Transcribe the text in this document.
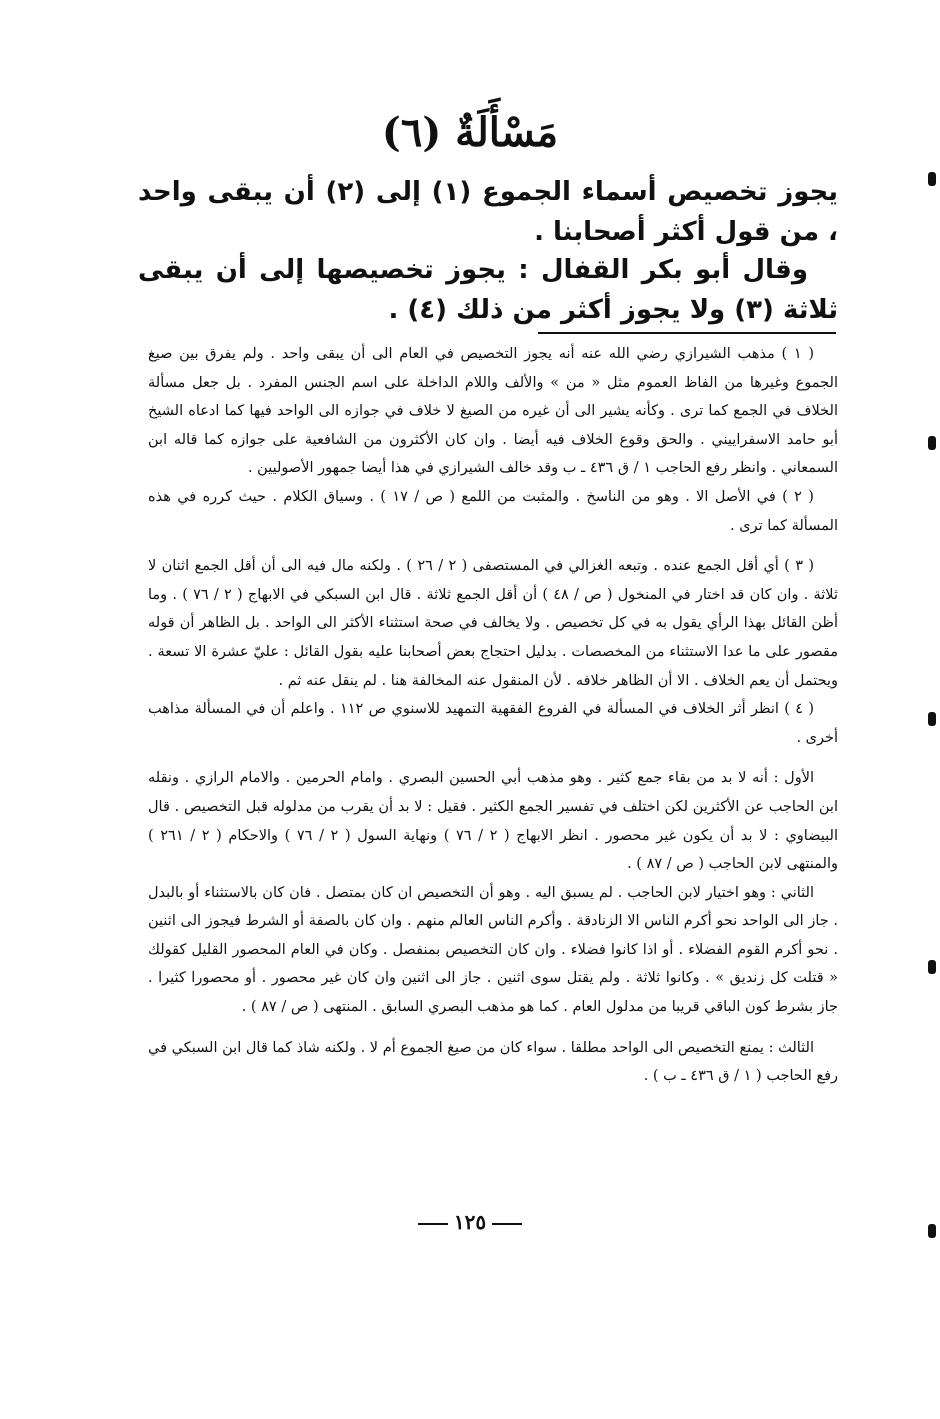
مَسْأَلَةٌ (٦)
يجوز تخصيص أسماء الجموع (١) إلى (٢) أن يبقى واحد ، من قول أكثر أصحابنا .
وقال أبو بكر القفال : يجوز تخصيصها إلى أن يبقى ثلاثة (٣) ولا يجوز أكثر من ذلك (٤) .

( ١ ) مذهب الشيرازي رضي الله عنه أنه يجوز التخصيص في العام الى أن يبقى واحد . ولم يفرق بين صيغ الجموع وغيرها من الفاظ العموم مثل « من » والألف واللام الداخلة على اسم الجنس المفرد . بل جعل مسألة الخلاف في الجمع كما ترى . وكأنه يشير الى أن غيره من الصيغ لا خلاف في جوازه الى الواحد فيها كما ادعاه الشيخ أبو حامد الاسفراييني . والحق وقوع الخلاف فيه أيضا . وان كان الأكثرون من الشافعية على جوازه كما قاله ابن السمعاني . وانظر رفع الحاجب ١ / ق ٤٣٦ ـ ب وقد خالف الشيرازي في هذا أيضا جمهور الأصوليين .

( ٢ ) في الأصل الا . وهو من الناسخ . والمثبت من اللمع ( ص / ١٧ ) . وسياق الكلام . حيث كرره في هذه المسألة كما ترى .

( ٣ ) أي أقل الجمع عنده . وتبعه الغزالي في المستصفى ( ٢ / ٢٦ ) . ولكنه مال فيه الى أن أقل الجمع اثنان لا ثلاثة . وان كان قد اختار في المنخول ( ص / ٤٨ ) أن أقل الجمع ثلاثة . قال ابن السبكي في الابهاج ( ٢ / ٧٦ ) . وما أظن القائل بهذا الرأي يقول به في كل تخصيص . ولا يخالف في صحة استثناء الأكثر الى الواحد . بل الظاهر أن قوله مقصور على ما عدا الاستثناء من المخصصات . بدليل احتجاج بعض أصحابنا عليه بقول القائل : عليّ عشرة الا تسعة . ويحتمل أن يعم الخلاف . الا أن الظاهر خلافه . لأن المنقول عنه المخالفة هنا . لم ينقل عنه ثم .

( ٤ ) انظر أثر الخلاف في المسألة في الفروع الفقهية التمهيد للاسنوي ص ١١٢ . واعلم أن في المسألة مذاهب أخرى .

الأول : أنه لا بد من بقاء جمع كثير . وهو مذهب أبي الحسين البصري . وامام الحرمين . والامام الرازي . ونقله ابن الحاجب عن الأكثرين لكن اختلف في تفسير الجمع الكثير . فقيل : لا بد أن يقرب من مدلوله قبل التخصيص . قال البيضاوي : لا بد أن يكون غير محصور . انظر الابهاج ( ٢ / ٧٦ ) ونهاية السول ( ٢ / ٧٦ ) والاحكام ( ٢ / ٢٦١ ) والمنتهى لابن الحاجب ( ص / ٨٧ ) .

الثاني : وهو اختيار لابن الحاجب . لم يسبق اليه . وهو أن التخصيص ان كان بمتصل . فان كان بالاستثناء أو بالبدل . جاز الى الواحد نحو أكرم الناس الا الزنادقة . وأكرم الناس العالم منهم . وان كان بالصفة أو الشرط فيجوز الى اثنين . نحو أكرم القوم الفضلاء . أو اذا كانوا فضلاء . وان كان التخصيص بمنفصل . وكان في العام المحصور القليل كقولك « قتلت كل زنديق » . وكانوا ثلاثة . ولم يقتل سوى اثنين . جاز الى اثنين وان كان غير محصور . أو محصورا كثيرا . جاز بشرط كون الباقي قريبا من مدلول العام . كما هو مذهب البصري السابق . المنتهى ( ص / ٨٧ ) .

الثالث : يمنع التخصيص الى الواحد مطلقا . سواء كان من صيغ الجموع أم لا . ولكنه شاذ كما قال ابن السبكي في رفع الحاجب ( ١ / ق ٤٣٦ ـ ب ) .

١٢٥
